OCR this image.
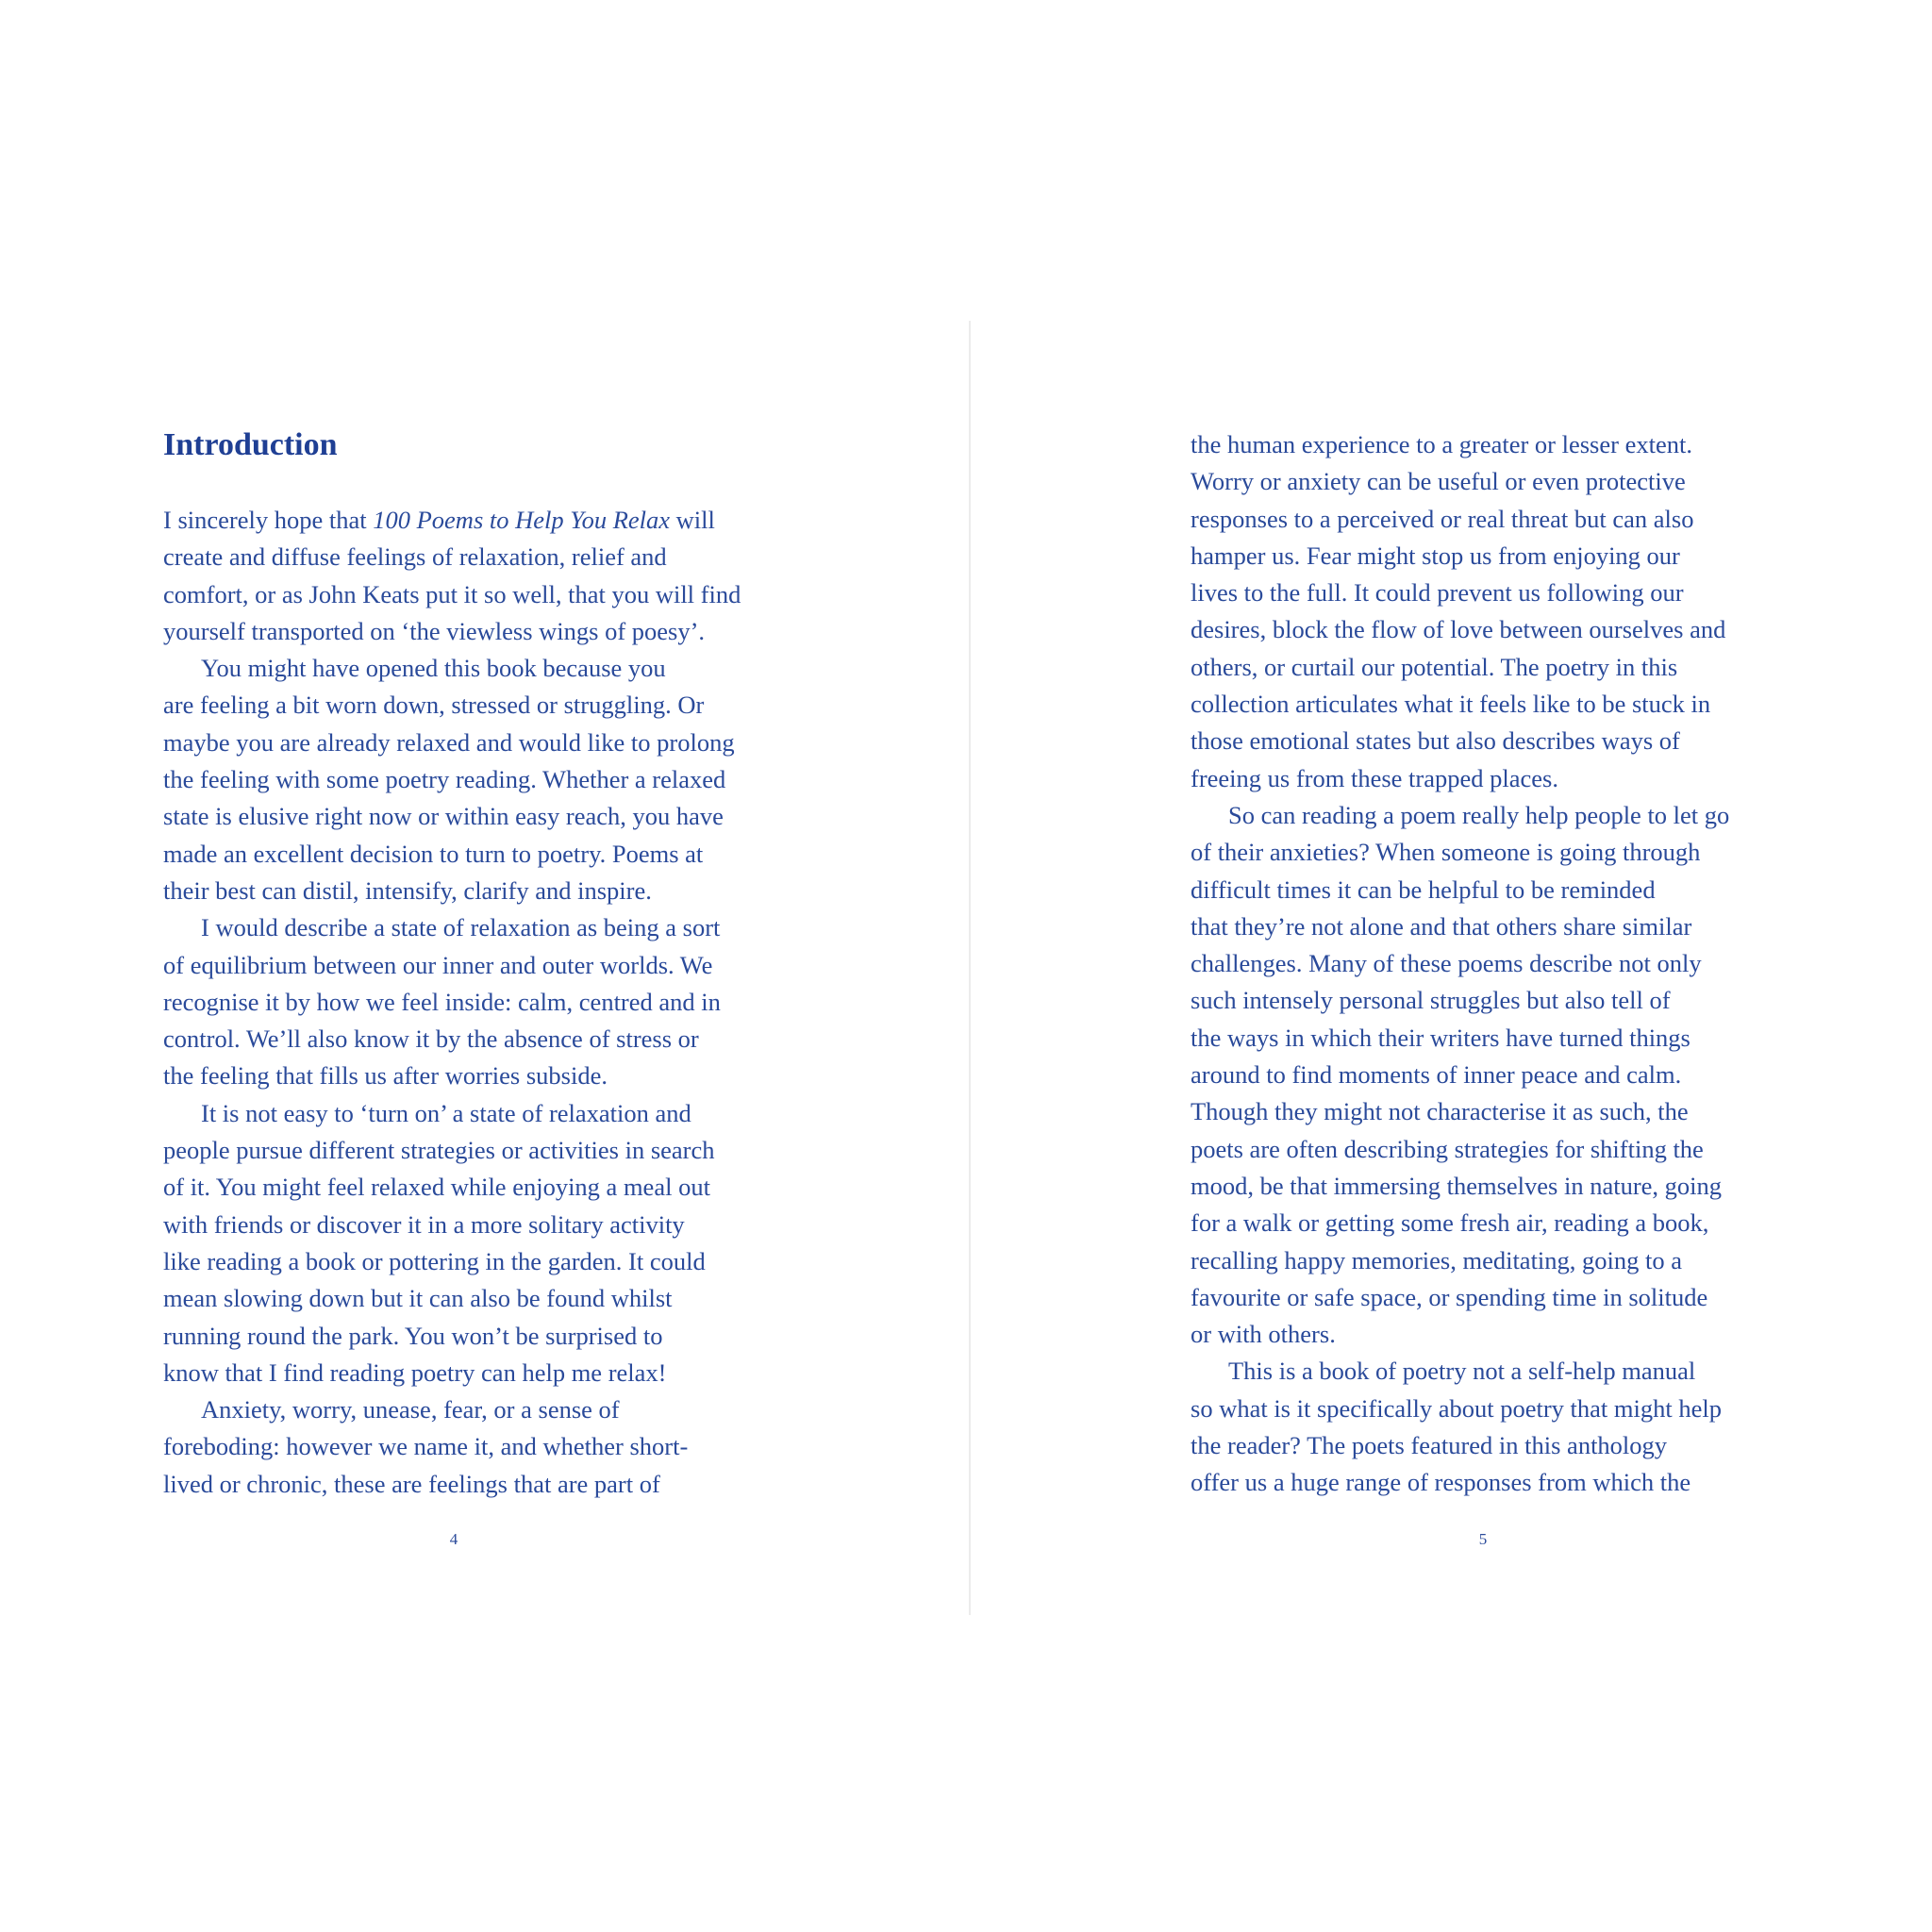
Introduction
I sincerely hope that 100 Poems to Help You Relax will
create and diffuse feelings of relaxation, relief and
comfort, or as John Keats put it so well, that you will find
yourself transported on ‘the viewless wings of poesy’.
You might have opened this book because you
are feeling a bit worn down, stressed or struggling. Or
maybe you are already relaxed and would like to prolong
the feeling with some poetry reading. Whether a relaxed
state is elusive right now or within easy reach, you have
made an excellent decision to turn to poetry. Poems at
their best can distil, intensify, clarify and inspire.
I would describe a state of relaxation as being a sort
of equilibrium between our inner and outer worlds. We
recognise it by how we feel inside: calm, centred and in
control. We’ll also know it by the absence of stress or
the feeling that fills us after worries subside.
It is not easy to ‘turn on’ a state of relaxation and
people pursue different strategies or activities in search
of it. You might feel relaxed while enjoying a meal out
with friends or discover it in a more solitary activity
like reading a book or pottering in the garden. It could
mean slowing down but it can also be found whilst
running round the park. You won’t be surprised to
know that I find reading poetry can help me relax!
Anxiety, worry, unease, fear, or a sense of
foreboding: however we name it, and whether short-
lived or chronic, these are feelings that are part of
4
the human experience to a greater or lesser extent.
Worry or anxiety can be useful or even protective
responses to a perceived or real threat but can also
hamper us. Fear might stop us from enjoying our
lives to the full. It could prevent us following our
desires, block the flow of love between ourselves and
others, or curtail our potential. The poetry in this
collection articulates what it feels like to be stuck in
those emotional states but also describes ways of
freeing us from these trapped places.
So can reading a poem really help people to let go
of their anxieties? When someone is going through
difficult times it can be helpful to be reminded
that they’re not alone and that others share similar
challenges. Many of these poems describe not only
such intensely personal struggles but also tell of
the ways in which their writers have turned things
around to find moments of inner peace and calm.
Though they might not characterise it as such, the
poets are often describing strategies for shifting the
mood, be that immersing themselves in nature, going
for a walk or getting some fresh air, reading a book,
recalling happy memories, meditating, going to a
favourite or safe space, or spending time in solitude
or with others.
This is a book of poetry not a self-help manual
so what is it specifically about poetry that might help
the reader? The poets featured in this anthology
offer us a huge range of responses from which the
5
